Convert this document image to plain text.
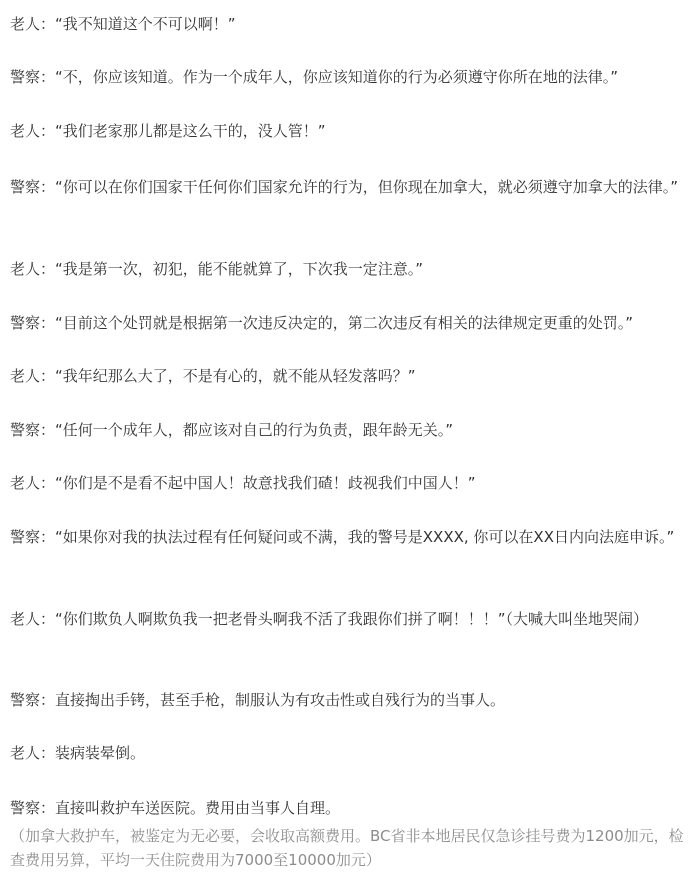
老人：“我不知道这个不可以啊！”

警察：“不，你应该知道。作为一个成年人，你应该知道你的行为必须遵守你所在地的法律。”

老人：“我们老家那儿都是这么干的，没人管！”

警察：“你可以在你们国家干任何你们国家允许的行为，但你现在加拿大，就必须遵守加拿大的法律。”

老人：“我是第一次，初犯，能不能就算了，下次我一定注意。”

警察：“目前这个处罚就是根据第一次违反决定的，第二次违反有相关的法律规定更重的处罚。”

老人：“我年纪那么大了，不是有心的，就不能从轻发落吗？”

警察：“任何一个成年人，都应该对自己的行为负责，跟年龄无关。”

老人：“你们是不是看不起中国人！故意找我们碴！歧视我们中国人！”

警察：“如果你对我的执法过程有任何疑问或不满，我的警号是XXXX, 你可以在XX日内向法庭申诉。”

老人：“你们欺负人啊欺负我一把老骨头啊我不活了我跟你们拼了啊！！！”（大喊大叫坐地哭闹）

警察：直接掏出手铐，甚至手枪，制服认为有攻击性或自残行为的当事人。

老人：装病装晕倒。

警察：直接叫救护车送医院。费用由当事人自理。

（加拿大救护车，被鉴定为无必要，会收取高额费用。BC省非本地居民仅急诊挂号费为1200加元，检查费用另算，平均一天住院费用为7000至10000加元）
